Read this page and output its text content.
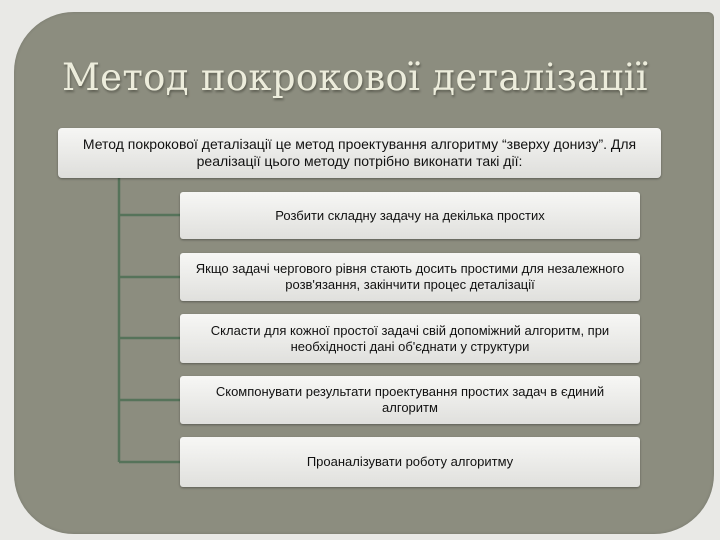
Метод покрокової деталізації
Метод покрокової деталізації це метод проектування алгоритму “зверху донизу”. Для реалізації цього методу потрібно виконати такі дії:
Розбити складну задачу на декілька простих
Якщо задачі чергового рівня стають досить простими для незалежного розв'язання, закінчити процес деталізації
Скласти для кожної простої задачі свій допоміжний алгоритм, при необхідності дані об'єднати у структури
Скомпонувати результати проектування простих задач в єдиний алгоритм
Проаналізувати роботу алгоритму
